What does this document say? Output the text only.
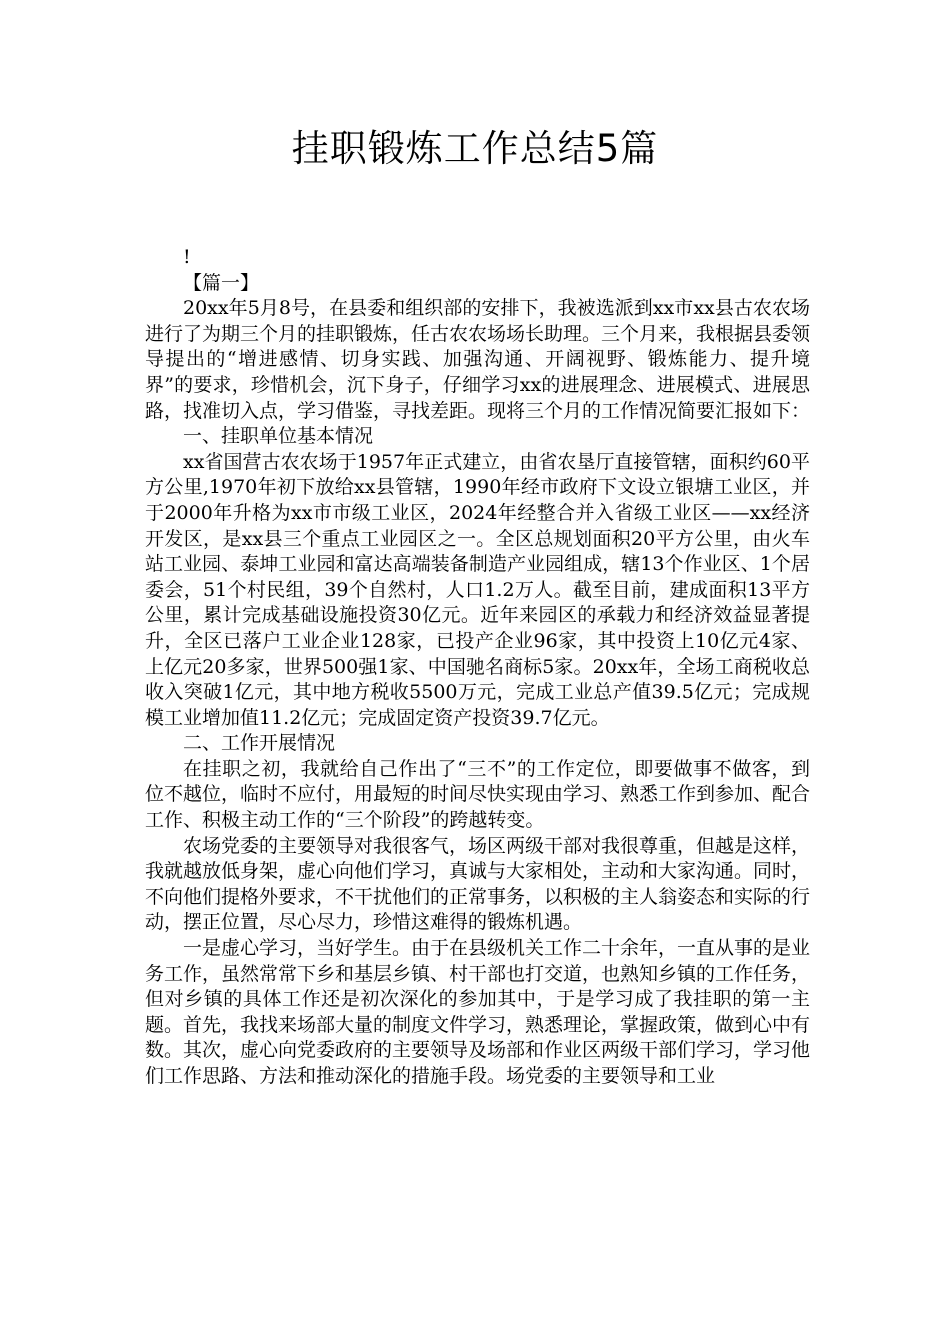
挂职锻炼工作总结5篇

!

【篇一】

20xx年5月8号，在县委和组织部的安排下，我被选派到xx市xx县古农农场进行了为期三个月的挂职锻炼，任古农农场场长助理。三个月来，我根据县委领导提出的“增进感情、切身实践、加强沟通、开阔视野、锻炼能力、提升境界”的要求，珍惜机会，沉下身子，仔细学习xx的进展理念、进展模式、进展思路，找准切入点，学习借鉴，寻找差距。现将三个月的工作情况简要汇报如下：

一、挂职单位基本情况

xx省国营古农农场于1957年正式建立，由省农垦厅直接管辖，面积约60平方公里,1970年初下放给xx县管辖，1990年经市政府下文设立银塘工业区，并于2000年升格为xx市市级工业区，2024年经整合并入省级工业区——xx经济开发区，是xx县三个重点工业园区之一。全区总规划面积20平方公里，由火车站工业园、泰坤工业园和富达高端装备制造产业园组成，辖13个作业区、1个居委会，51个村民组，39个自然村，人口1.2万人。截至目前，建成面积13平方公里，累计完成基础设施投资30亿元。近年来园区的承载力和经济效益显著提升，全区已落户工业企业128家，已投产企业96家，其中投资上10亿元4家、上亿元20多家，世界500强1家、中国驰名商标5家。20xx年，全场工商税收总收入突破1亿元，其中地方税收5500万元，完成工业总产值39.5亿元；完成规模工业增加值11.2亿元；完成固定资产投资39.7亿元。

二、工作开展情况

在挂职之初，我就给自己作出了“三不”的工作定位，即要做事不做客，到位不越位，临时不应付，用最短的时间尽快实现由学习、熟悉工作到参加、配合工作、积极主动工作的“三个阶段”的跨越转变。

农场党委的主要领导对我很客气，场区两级干部对我很尊重，但越是这样，我就越放低身架，虚心向他们学习，真诚与大家相处，主动和大家沟通。同时，不向他们提格外要求，不干扰他们的正常事务，以积极的主人翁姿态和实际的行动，摆正位置，尽心尽力，珍惜这难得的锻炼机遇。

一是虚心学习，当好学生。由于在县级机关工作二十余年，一直从事的是业务工作，虽然常常下乡和基层乡镇、村干部也打交道，也熟知乡镇的工作任务，但对乡镇的具体工作还是初次深化的参加其中，于是学习成了我挂职的第一主题。首先，我找来场部大量的制度文件学习，熟悉理论，掌握政策，做到心中有数。其次，虚心向党委政府的主要领导及场部和作业区两级干部们学习，学习他们工作思路、方法和推动深化的措施手段。场党委的主要领导和工业
